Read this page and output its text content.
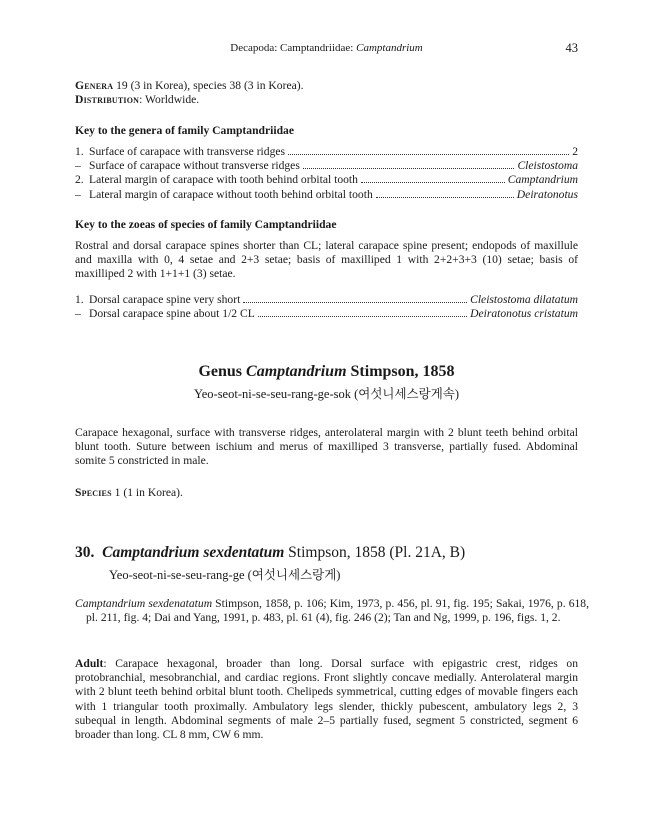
Decapoda: Camptandriidae: Camptandrium	43
Genera 19 (3 in Korea), species 38 (3 in Korea).
Distribution: Worldwide.
Key to the genera of family Camptandriidae
1. Surface of carapace with transverse ridges	2
– Surface of carapace without transverse ridges	Cleistostoma
2. Lateral margin of carapace with tooth behind orbital tooth	Camptandrium
– Lateral margin of carapace without tooth behind orbital tooth	Deiratonotus
Key to the zoeas of species of family Camptandriidae
Rostral and dorsal carapace spines shorter than CL; lateral carapace spine present; endopods of maxillule and maxilla with 0, 4 setae and 2+3 setae; basis of maxilliped 1 with 2+2+3+3 (10) setae; basis of maxilliped 2 with 1+1+1 (3) setae.
1. Dorsal carapace spine very short	Cleistostoma dilatatum
– Dorsal carapace spine about 1/2 CL	Deiratonotus cristatum
Genus Camptandrium Stimpson, 1858
Yeo-seot-ni-se-seu-rang-ge-sok (여섯니세스랑게속)
Carapace hexagonal, surface with transverse ridges, anterolateral margin with 2 blunt teeth behind orbital blunt tooth. Suture between ischium and merus of maxilliped 3 transverse, partially fused. Abdominal somite 5 constricted in male.
Species 1 (1 in Korea).
30. Camptandrium sexdentatum Stimpson, 1858 (Pl. 21A, B)
Yeo-seot-ni-se-seu-rang-ge (여섯니세스랑게)
Camptandrium sexdenatatum Stimpson, 1858, p. 106; Kim, 1973, p. 456, pl. 91, fig. 195; Sakai, 1976, p. 618, pl. 211, fig. 4; Dai and Yang, 1991, p. 483, pl. 61 (4), fig. 246 (2); Tan and Ng, 1999, p. 196, figs. 1, 2.
Adult: Carapace hexagonal, broader than long. Dorsal surface with epigastric crest, ridges on protobranchial, mesobranchial, and cardiac regions. Front slightly concave medially. Anterolateral margin with 2 blunt teeth behind orbital blunt tooth. Chelipeds symmetrical, cutting edges of movable fingers each with 1 triangular tooth proximally. Ambulatory legs slender, thickly pubescent, ambulatory legs 2, 3 subequal in length. Abdominal segments of male 2–5 partially fused, segment 5 constricted, segment 6 broader than long. CL 8 mm, CW 6 mm.
